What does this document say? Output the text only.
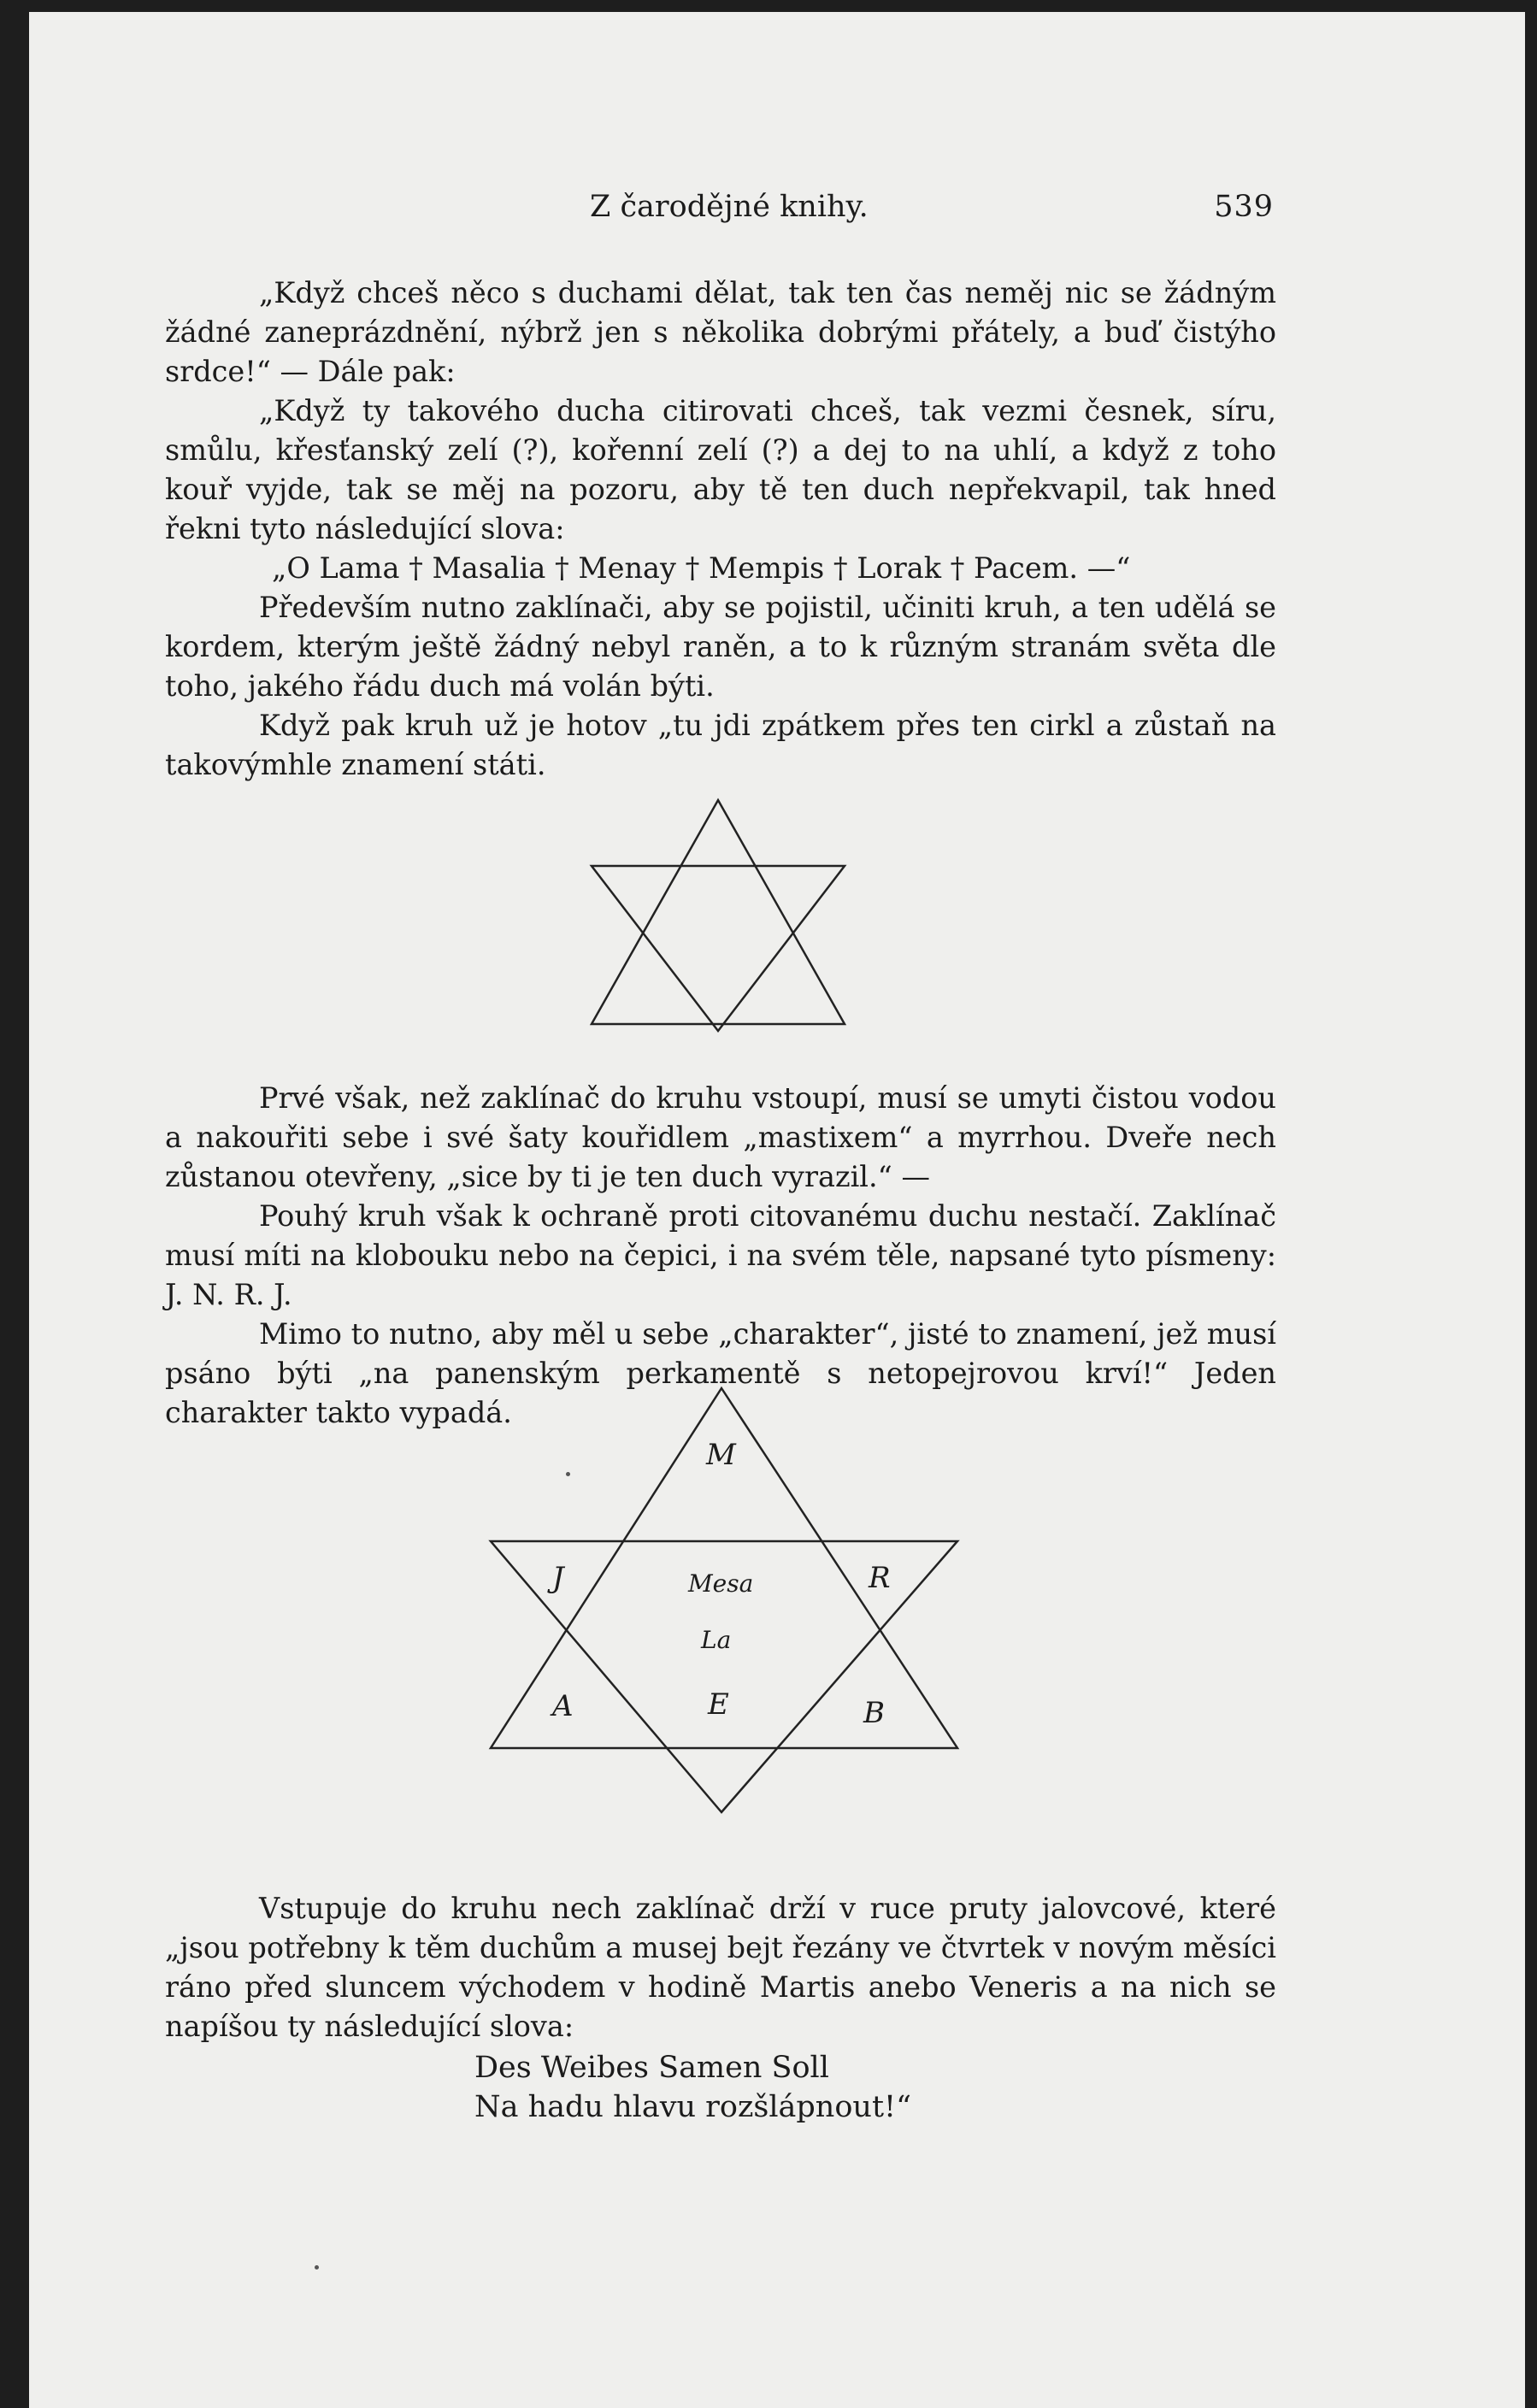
Z čarodějné knihy.	539

„Když chceš něco s duchami dělat, tak ten čas neměj nic se žádným žádné zaneprázdnění, nýbrž jen s několika dobrými přátely, a buď čistýho srdce!“ — Dále pak:

„Když ty takového ducha citirovati chceš, tak vezmi česnek, síru, smůlu, křesťanský zelí (?), kořenní zelí (?) a dej to na uhlí, a když z toho kouř vyjde, tak se měj na pozoru, aby tě ten duch nepřekvapil, tak hned řekni tyto následující slova:

„O Lama † Masalia † Menay † Mempis † Lorak † Pacem. —“

Především nutno zaklínači, aby se pojistil, učiniti kruh, a ten udělá se kordem, kterým ještě žádný nebyl raněn, a to k různým stranám světa dle toho, jakého řádu duch má volán býti.

Když pak kruh už je hotov „tu jdi zpátkem přes ten cirkl a zůstaň na takovýmhle znamení státi.

Prvé však, než zaklínač do kruhu vstoupí, musí se umyti čistou vodou a nakouřiti sebe i své šaty kouřidlem „mastixem“ a myrrhou. Dveře nech zůstanou otevřeny, „sice by ti je ten duch vyrazil.“ —

Pouhý kruh však k ochraně proti citovanému duchu nestačí. Zaklínač musí míti na klobouku nebo na čepici, i na svém těle, napsané tyto písmeny: J. N. R. J.

Mimo to nutno, aby měl u sebe „charakter“, jisté to znamení, jež musí psáno býti „na panenským perkamentě s netopejrovou krví!“ Jeden charakter takto vypadá.

M
J	R
Mesa
La
A	E	B

Vstupuje do kruhu nech zaklínač drží v ruce pruty jalovcové, které „jsou potřebny k těm duchům a musej bejt řezány ve čtvrtek v novým měsíci ráno před sluncem východem v hodině Martis anebo Veneris a na nich se napíšou ty následující slova:

Des Weibes Samen Soll
Na hadu hlavu rozšlápnout!“
